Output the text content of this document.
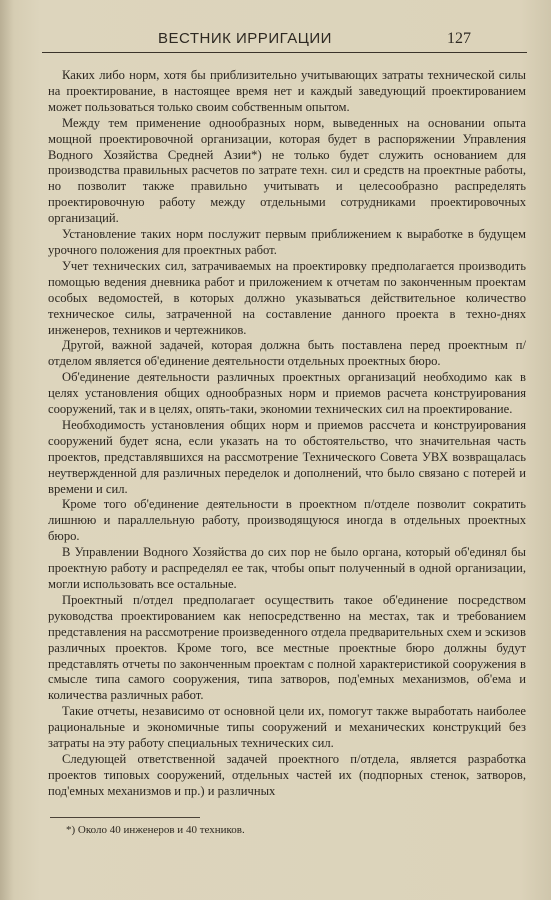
ВЕСТНИК ИРРИГАЦИИ	127

Каких либо норм, хотя бы приблизительно учитывающих затраты технической силы на проектирование, в настоящее время нет и каждый заведующий проектированием может пользоваться только своим собственным опытом.

Между тем применение однообразных норм, выведенных на основании опыта мощной проектировочной организации, которая будет в распоряжении Управления Водного Хозяйства Средней Азии*) не только будет служить основанием для производства правильных расчетов по затрате техн. сил и средств на проектные работы, но позволит также правильно учитывать и целесообразно распределять проектировочную работу между отдельными сотрудниками проектировочных организаций.

Установление таких норм послужит первым приближением к выработке в будущем урочного положения для проектных работ.

Учет технических сил, затрачиваемых на проектировку предполагается производить помощью ведения дневника работ и приложением к отчетам по законченным проектам особых ведомостей, в которых должно указываться действительное количество техническое силы, затраченной на составление данного проекта в техно-днях инженеров, техников и чертежников.

Другой, важной задачей, которая должна быть поставлена перед проектным п/отделом является об'единение деятельности отдельных проектных бюро.

Об'единение деятельности различных проектных организаций необходимо как в целях установления общих однообразных норм и приемов расчета конструирования сооружений, так и в целях, опять-таки, экономии технических сил на проектирование.

Необходимость установления общих норм и приемов рассчета и конструирования сооружений будет ясна, если указать на то обстоятельство, что значительная часть проектов, представлявшихся на рассмотрение Технического Совета УВХ возвращалась неутвержденной для различных переделок и дополнений, что было связано с потерей и времени и сил.

Кроме того об'единение деятельности в проектном п/отделе позволит сократить лишнюю и параллельную работу, производящуюся иногда в отдельных проектных бюро.

В Управлении Водного Хозяйства до сих пор не было органа, который об'единял бы проектную работу и распределял ее так, чтобы опыт полученный в одной организации, могли использовать все остальные.

Проектный п/отдел предполагает осуществить такое об'единение посредством руководства проектированием как непосредственно на местах, так и требованием представления на рассмотрение произведенного отдела предварительных схем и эскизов различных проектов. Кроме того, все местные проектные бюро должны будут представлять отчеты по законченным проектам с полной характеристикой сооружения в смысле типа самого сооружения, типа затворов, под'емных механизмов, об'ема и количества различных работ.

Такие отчеты, независимо от основной цели их, помогут также выработать наиболее рациональные и экономичные типы сооружений и механических конструкций без затраты на эту работу специальных технических сил.

Следующей ответственной задачей проектного п/отдела, является разработка проектов типовых сооружений, отдельных частей их (подпорных стенок, затворов, под'емных механизмов и пр.) и различных

*) Около 40 инженеров и 40 техников.
